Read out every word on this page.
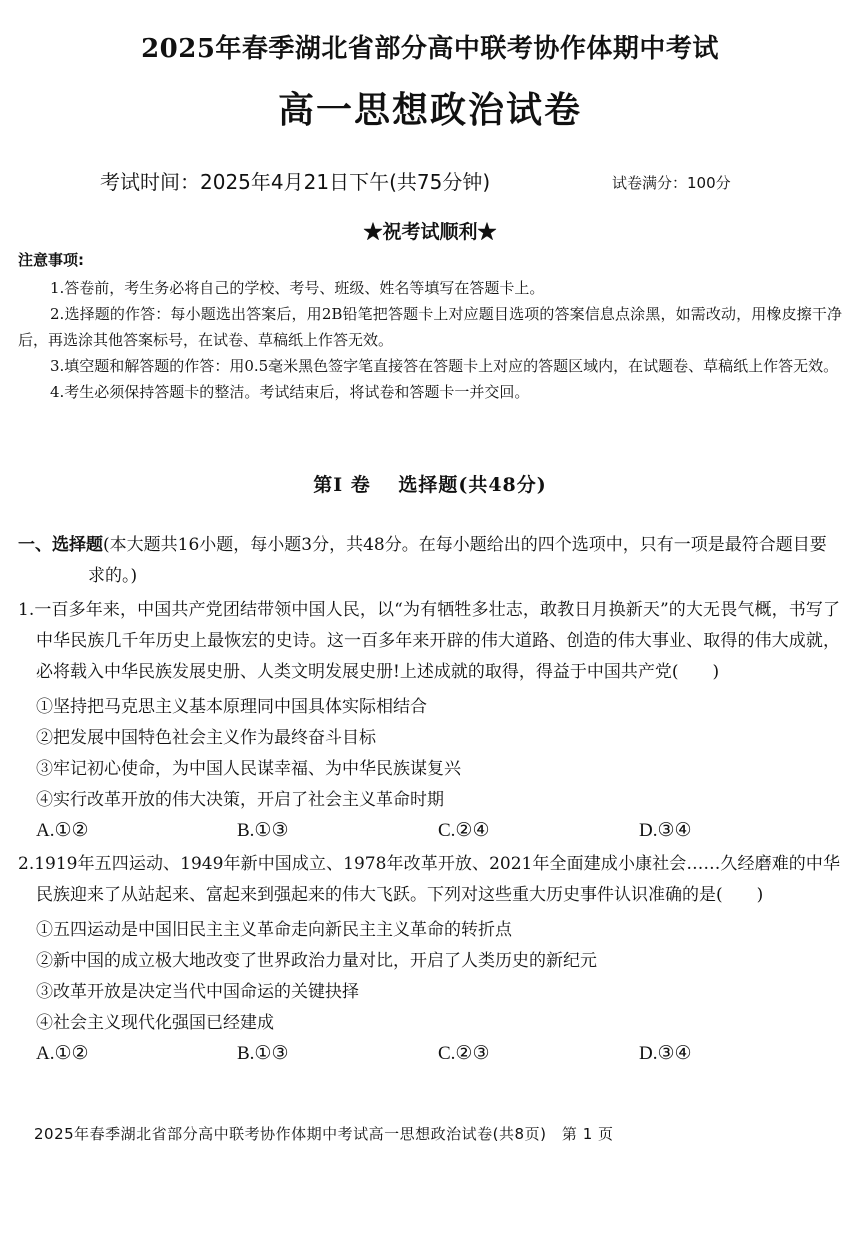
2025年春季湖北省部分高中联考协作体期中考试
高一思想政治试卷
考试时间：2025年4月21日下午(共75分钟)	试卷满分：100分
★祝考试顺利★
注意事项:

1.答卷前，考生务必将自己的学校、考号、班级、姓名等填写在答题卡上。

2.选择题的作答：每小题选出答案后，用2B铅笔把答题卡上对应题目选项的答案信息点涂黑，如需改动，用橡皮擦干净后，再选涂其他答案标号，在试卷、草稿纸上作答无效。

3.填空题和解答题的作答：用0.5毫米黑色签字笔直接答在答题卡上对应的答题区域内，在试题卷、草稿纸上作答无效。

4.考生必须保持答题卡的整洁。考试结束后，将试卷和答题卡一并交回。

第Ⅰ 卷　 选择题(共48分)
一、选择题(本大题共16小题，每小题3分，共48分。在每小题给出的四个选项中，只有一项是最符合题目要求的。)
1.一百多年来，中国共产党团结带领中国人民，以“为有牺牲多壮志，敢教日月换新天”的大无畏气概，书写了中华民族几千年历史上最恢宏的史诗。这一百多年来开辟的伟大道路、创造的伟大事业、取得的伟大成就，必将载入中华民族发展史册、人类文明发展史册!上述成就的取得，得益于中国共产党(　　)
①坚持把马克思主义基本原理同中国具体实际相结合
②把发展中国特色社会主义作为最终奋斗目标
③牢记初心使命，为中国人民谋幸福、为中华民族谋复兴
④实行改革开放的伟大决策，开启了社会主义革命时期
A.①②	B.①③	C.②④	D.③④
2.1919年五四运动、1949年新中国成立、1978年改革开放、2021年全面建成小康社会……久经磨难的中华民族迎来了从站起来、富起来到强起来的伟大飞跃。下列对这些重大历史事件认识准确的是(　　)
①五四运动是中国旧民主主义革命走向新民主主义革命的转折点
②新中国的成立极大地改变了世界政治力量对比，开启了人类历史的新纪元
③改革开放是决定当代中国命运的关键抉择
④社会主义现代化强国已经建成
A.①②	B.①③	C.②③	D.③④
2025年春季湖北省部分高中联考协作体期中考试高一思想政治试卷(共8页)　第 1 页
